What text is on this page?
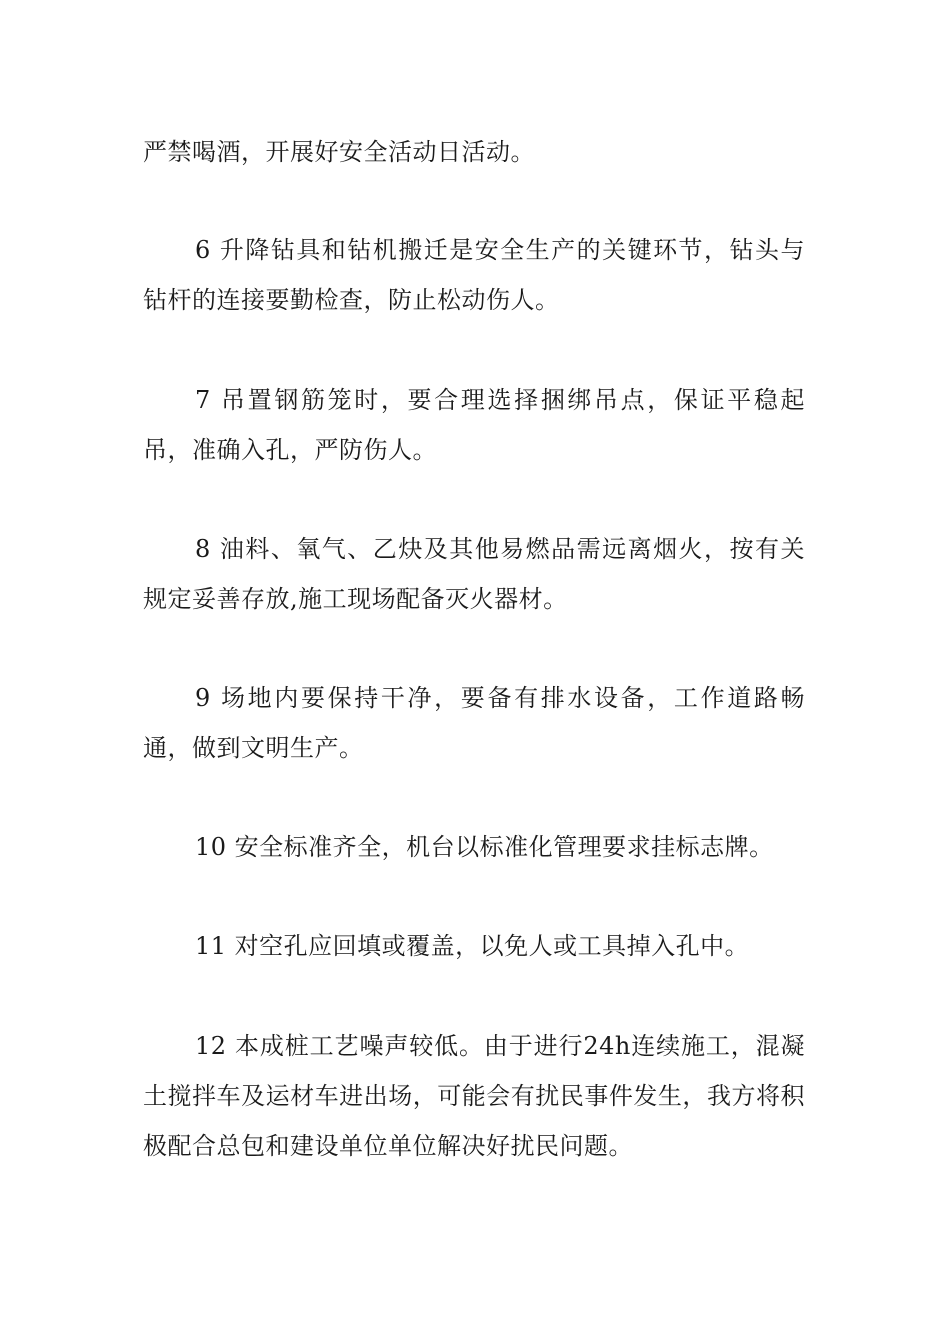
严禁喝酒，开展好安全活动日活动。

6 升降钻具和钻机搬迁是安全生产的关键环节，钻头与钻杆的连接要勤检查，防止松动伤人。

7 吊置钢筋笼时，要合理选择捆绑吊点，保证平稳起吊，准确入孔，严防伤人。

8 油料、氧气、乙炔及其他易燃品需远离烟火，按有关规定妥善存放,施工现场配备灭火器材。

9 场地内要保持干净，要备有排水设备，工作道路畅通，做到文明生产。

10 安全标准齐全，机台以标准化管理要求挂标志牌。

11 对空孔应回填或覆盖，以免人或工具掉入孔中。

12 本成桩工艺噪声较低。由于进行24h连续施工，混凝土搅拌车及运材车进出场，可能会有扰民事件发生，我方将积极配合总包和建设单位单位解决好扰民问题。
